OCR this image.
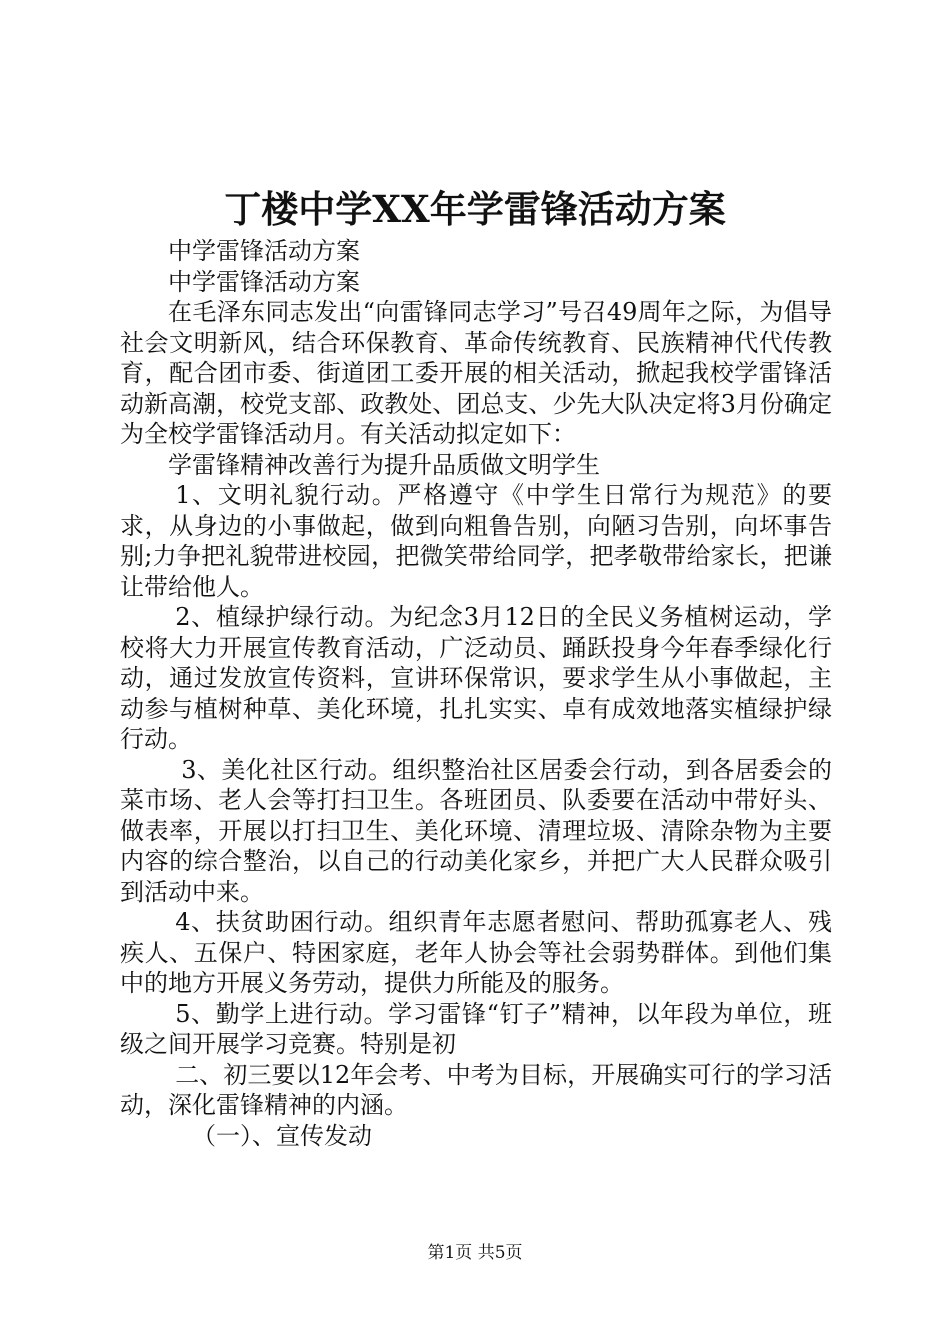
丁楼中学XX年学雷锋活动方案

中学雷锋活动方案

中学雷锋活动方案

在毛泽东同志发出“向雷锋同志学习”号召49周年之际，为倡导社会文明新风，结合环保教育、革命传统教育、民族精神代代传教育，配合团市委、街道团工委开展的相关活动，掀起我校学雷锋活动新高潮，校党支部、政教处、团总支、少先大队决定将3月份确定为全校学雷锋活动月。有关活动拟定如下：

学雷锋精神改善行为提升品质做文明学生

1、文明礼貌行动。严格遵守《中学生日常行为规范》的要求，从身边的小事做起，做到向粗鲁告别，向陋习告别，向坏事告别;力争把礼貌带进校园，把微笑带给同学，把孝敬带给家长，把谦让带给他人。

2、植绿护绿行动。为纪念3月12日的全民义务植树运动，学校将大力开展宣传教育活动，广泛动员、踊跃投身今年春季绿化行动，通过发放宣传资料，宣讲环保常识，要求学生从小事做起，主动参与植树种草、美化环境，扎扎实实、卓有成效地落实植绿护绿行动。

3、美化社区行动。组织整治社区居委会行动，到各居委会的菜市场、老人会等打扫卫生。各班团员、队委要在活动中带好头、做表率，开展以打扫卫生、美化环境、清理垃圾、清除杂物为主要内容的综合整治，以自己的行动美化家乡，并把广大人民群众吸引到活动中来。

4、扶贫助困行动。组织青年志愿者慰问、帮助孤寡老人、残疾人、五保户、特困家庭，老年人协会等社会弱势群体。到他们集中的地方开展义务劳动，提供力所能及的服务。

5、勤学上进行动。学习雷锋“钉子”精神，以年段为单位，班级之间开展学习竞赛。特别是初

二、初三要以12年会考、中考为目标，开展确实可行的学习活动，深化雷锋精神的内涵。

（一）、宣传发动

第1页 共5页
